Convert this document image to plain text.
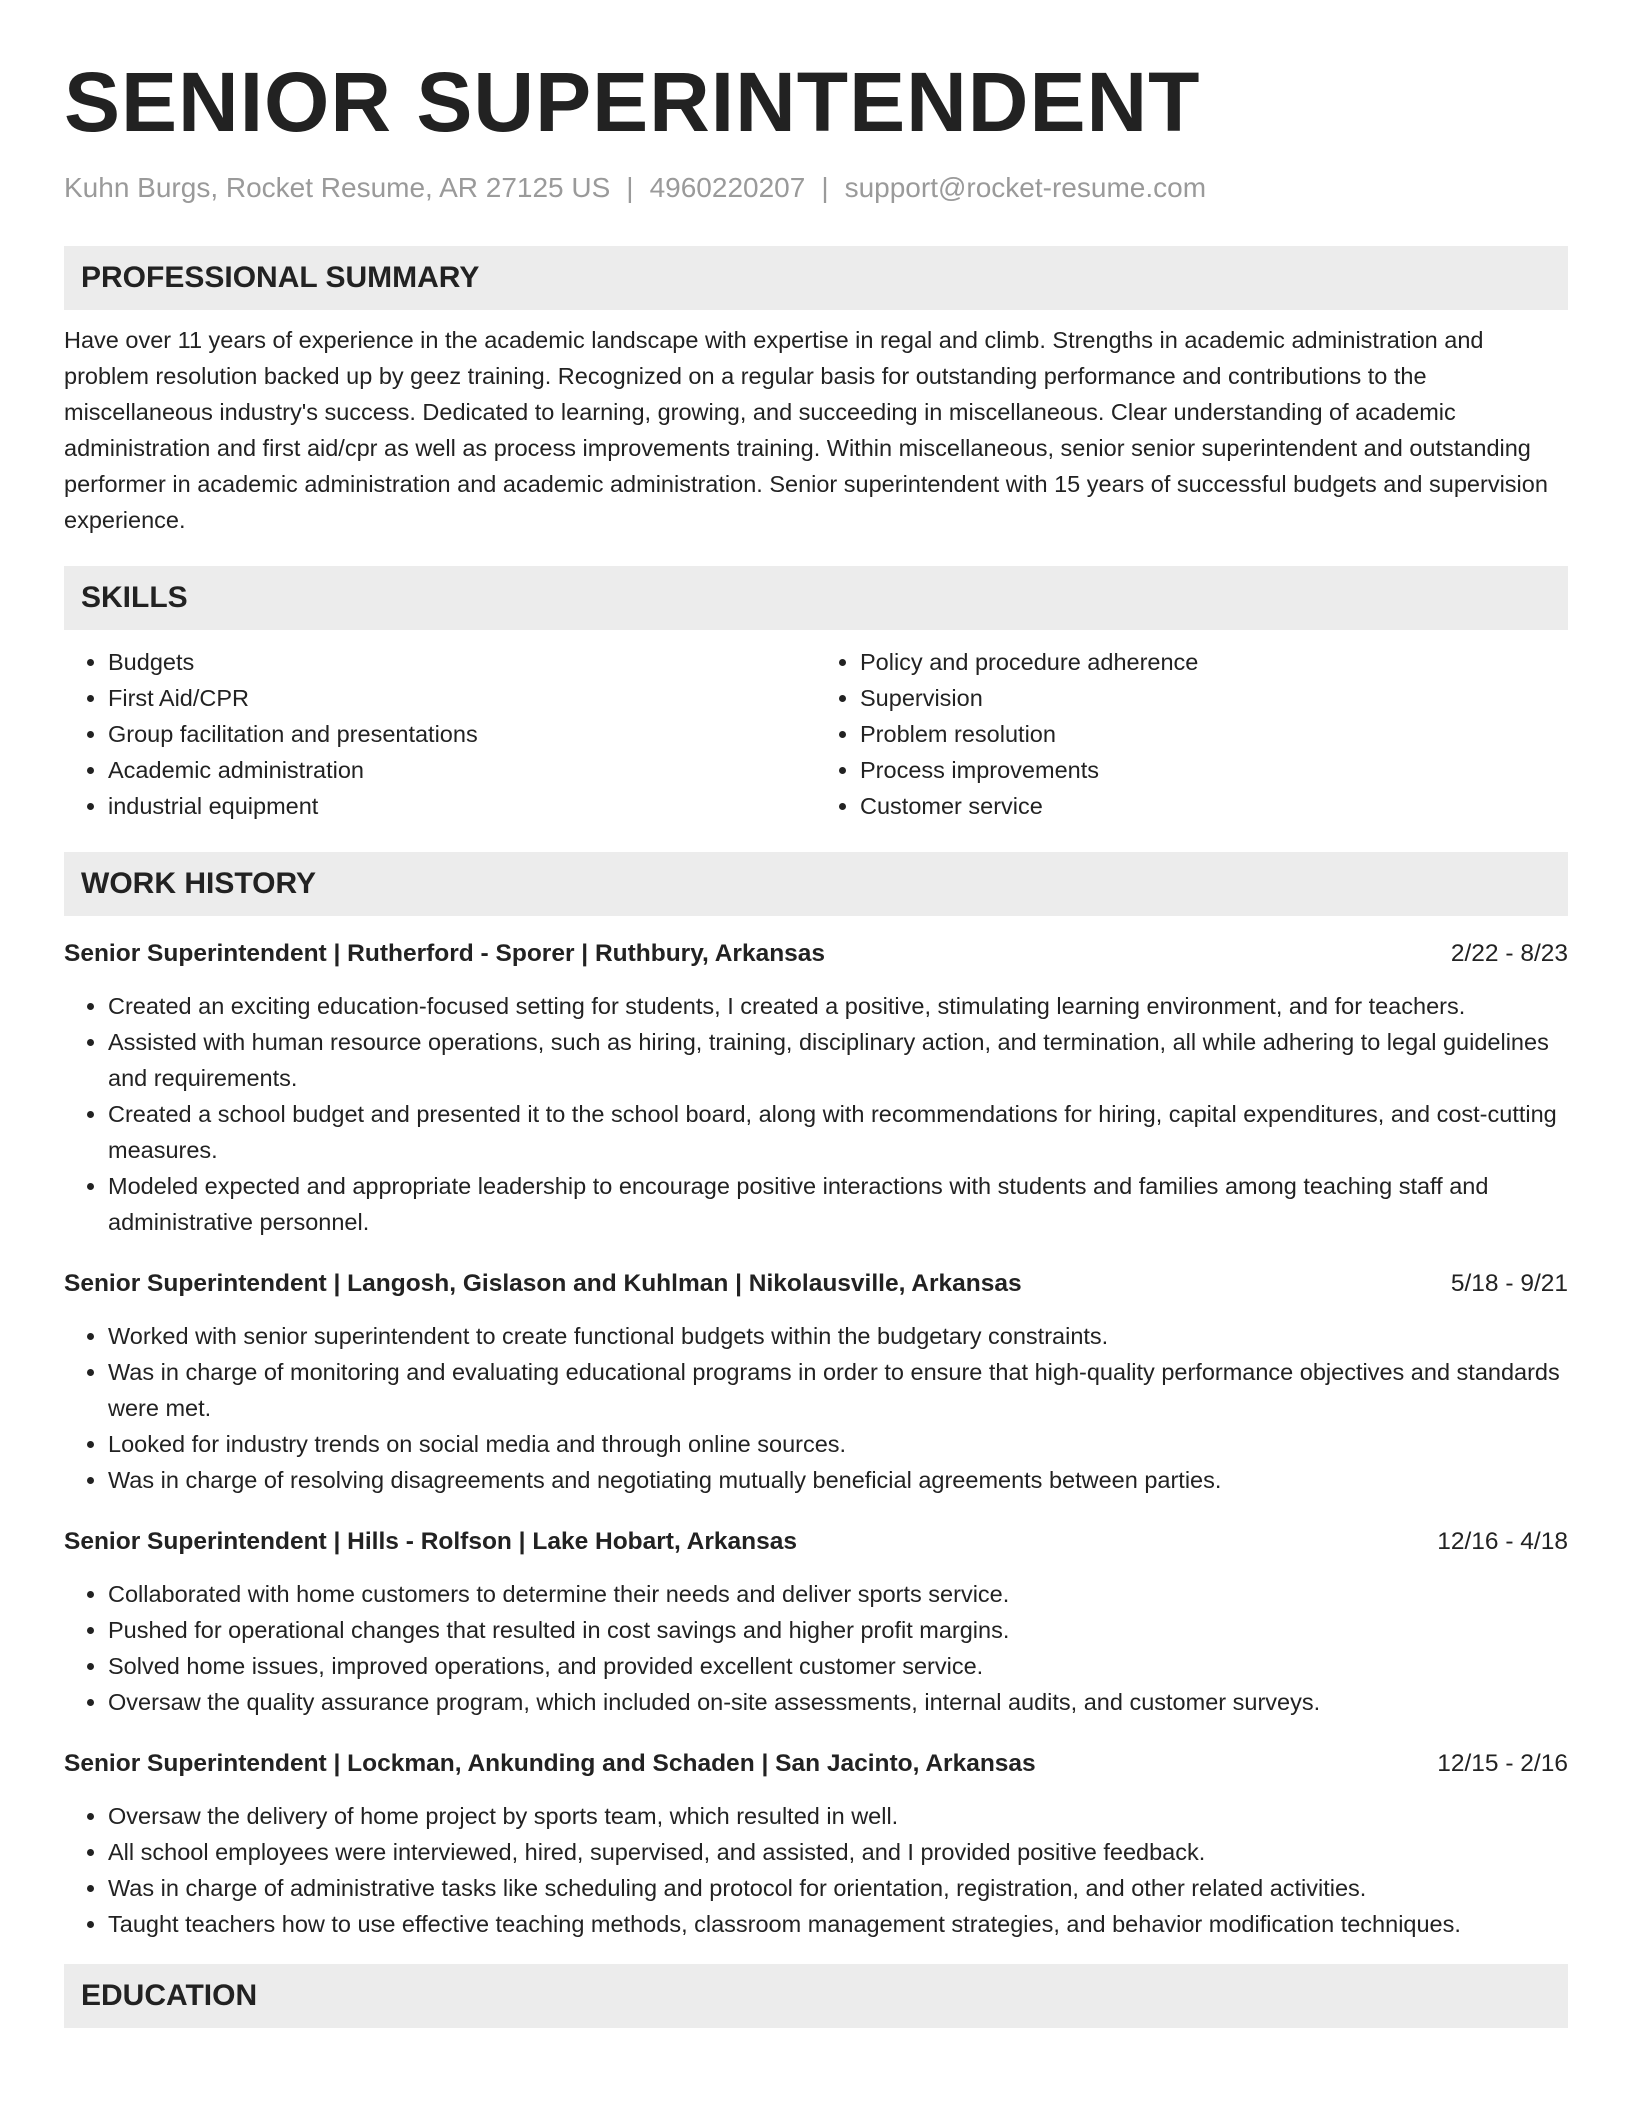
SENIOR SUPERINTENDENT
Kuhn Burgs, Rocket Resume, AR 27125 US | 4960220207 | support@rocket-resume.com
PROFESSIONAL SUMMARY

Have over 11 years of experience in the academic landscape with expertise in regal and climb. Strengths in academic administration and problem resolution backed up by geez training. Recognized on a regular basis for outstanding performance and contributions to the miscellaneous industry's success. Dedicated to learning, growing, and succeeding in miscellaneous. Clear understanding of academic administration and first aid/cpr as well as process improvements training. Within miscellaneous, senior senior superintendent and outstanding performer in academic administration and academic administration. Senior superintendent with 15 years of successful budgets and supervision experience.

SKILLS
• Budgets
• First Aid/CPR
• Group facilitation and presentations
• Academic administration
• industrial equipment
• Policy and procedure adherence
• Supervision
• Problem resolution
• Process improvements
• Customer service
WORK HISTORY
Senior Superintendent | Rutherford - Sporer | Ruthbury, Arkansas	2/22 - 8/23
• Created an exciting education-focused setting for students, I created a positive, stimulating learning environment, and for teachers.
• Assisted with human resource operations, such as hiring, training, disciplinary action, and termination, all while adhering to legal guidelines and requirements.
• Created a school budget and presented it to the school board, along with recommendations for hiring, capital expenditures, and cost-cutting measures.
• Modeled expected and appropriate leadership to encourage positive interactions with students and families among teaching staff and administrative personnel.
Senior Superintendent | Langosh, Gislason and Kuhlman | Nikolausville, Arkansas	5/18 - 9/21
• Worked with senior superintendent to create functional budgets within the budgetary constraints.
• Was in charge of monitoring and evaluating educational programs in order to ensure that high-quality performance objectives and standards were met.
• Looked for industry trends on social media and through online sources.
• Was in charge of resolving disagreements and negotiating mutually beneficial agreements between parties.
Senior Superintendent | Hills - Rolfson | Lake Hobart, Arkansas	12/16 - 4/18
• Collaborated with home customers to determine their needs and deliver sports service.
• Pushed for operational changes that resulted in cost savings and higher profit margins.
• Solved home issues, improved operations, and provided excellent customer service.
• Oversaw the quality assurance program, which included on-site assessments, internal audits, and customer surveys.
Senior Superintendent | Lockman, Ankunding and Schaden | San Jacinto, Arkansas	12/15 - 2/16
• Oversaw the delivery of home project by sports team, which resulted in well.
• All school employees were interviewed, hired, supervised, and assisted, and I provided positive feedback.
• Was in charge of administrative tasks like scheduling and protocol for orientation, registration, and other related activities.
• Taught teachers how to use effective teaching methods, classroom management strategies, and behavior modification techniques.
EDUCATION
